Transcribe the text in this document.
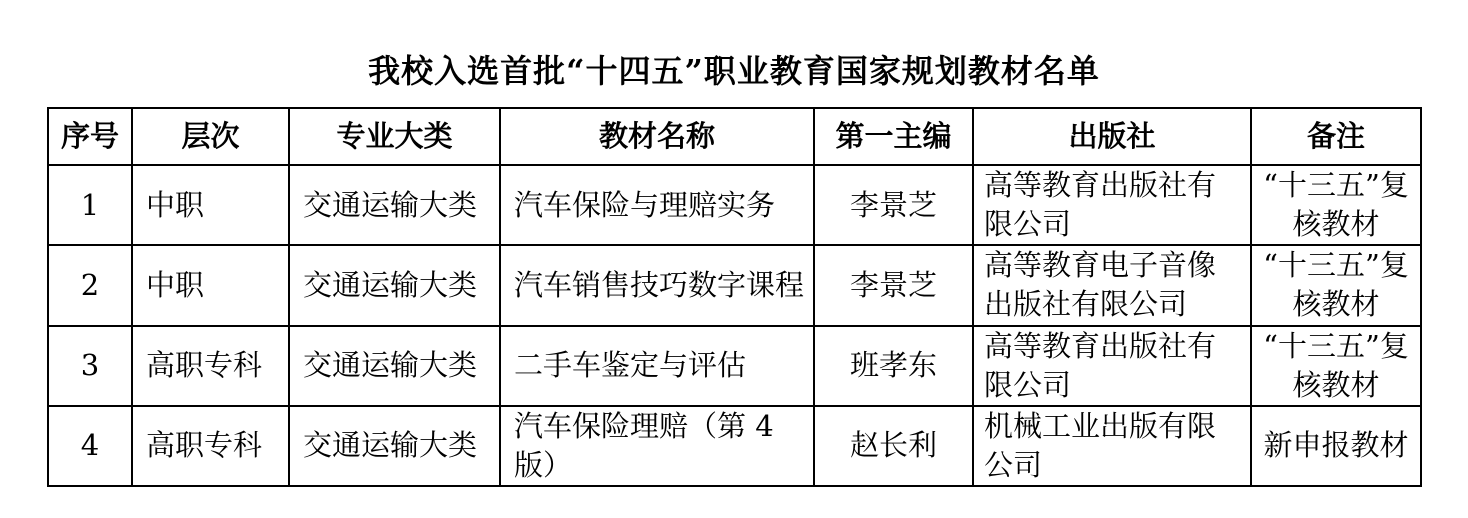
我校入选首批“十四五”职业教育国家规划教材名单
序号	层次	专业大类	教材名称	第一主编	出版社	备注
1	中职	交通运输大类	汽车保险与理赔实务	李景芝	高等教育出版社有限公司	“十三五”复核教材
2	中职	交通运输大类	汽车销售技巧数字课程	李景芝	高等教育电子音像出版社有限公司	“十三五”复核教材
3	高职专科	交通运输大类	二手车鉴定与评估	班孝东	高等教育出版社有限公司	“十三五”复核教材
4	高职专科	交通运输大类	汽车保险理赔（第 4 版）	赵长利	机械工业出版有限公司	新申报教材
